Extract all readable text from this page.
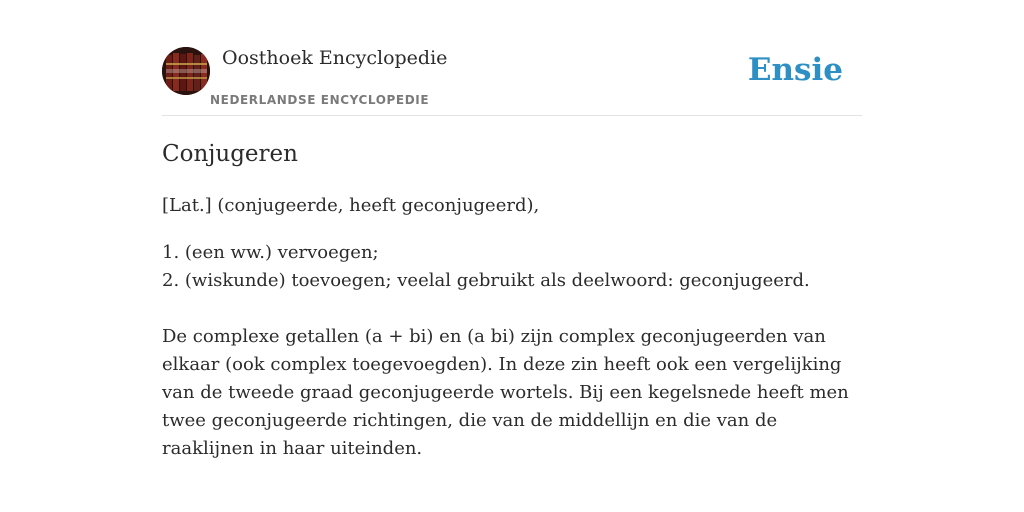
Oosthoek Encyclopedie
NEDERLANDSE ENCYCLOPEDIE
Ensie
Conjugeren
[Lat.] (conjugeerde, heeft geconjugeerd),
1. (een ww.) vervoegen;
2. (wiskunde) toevoegen; veelal gebruikt als deelwoord: geconjugeerd.
De complexe getallen (a + bi) en (a bi) zijn complex geconjugeerden van elkaar (ook complex toegevoegden). In deze zin heeft ook een vergelijking van de tweede graad geconjugeerde wortels. Bij een kegelsnede heeft men twee geconjugeerde richtingen, die van de middellijn en die van de raaklijnen in haar uiteinden.
